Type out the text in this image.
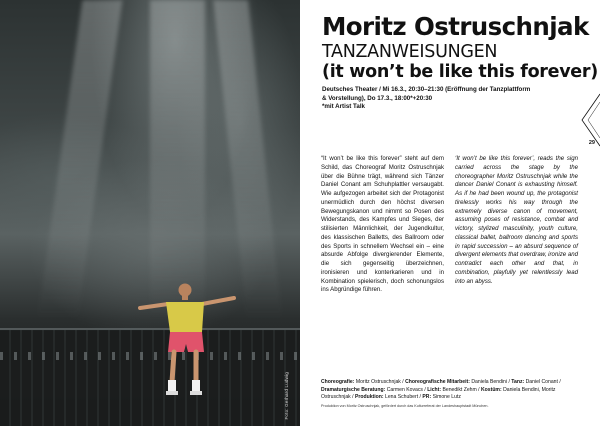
Foto: Gerhard Ludwig
Moritz Ostruschnjak
TANZANWEISUNGEN
(it won’t be like this forever)
Deutsches Theater / Mi 16.3., 20:30–21:30 (Eröffnung der Tanzplattform
& Vorstellung), Do 17.3., 18:00*+20:30
*mit Artist Talk
29
“It won’t be like this forever” steht auf dem Schild, das Choreograf Moritz Ostruschnjak über die Bühne trägt, während sich Tänzer Daniel Conant am Schuhplattler versaugabt. Wie aufgezogen arbeitet sich der Protagonist unermüdlich durch den höchst diversen Bewegungskanon und nimmt so Posen des Widerstands, des Kampfes und Sieges, der stilisierten Männlichkeit, der Jugendkultur, des klassischen Balletts, des Ballroom oder des Sports in schnellem Wechsel ein – eine absurde Abfolge divergierender Elemente, die sich gegenseitig überzeichnen, ironisieren und konterkarieren und in Kombination spielerisch, doch schonungslos ins Abgründige führen.
‘It won’t be like this forever’, reads the sign carried across the stage by the choreographer Moritz Ostruschnjak while the dancer Daniel Conant is exhausting himself. As if he had been wound up, the protagonist tirelessly works his way through the extremely diverse canon of movement, assuming poses of resistance, combat and victory, stylized masculinity, youth culture, classical ballet, ballroom dancing and sports in rapid succession – an absurd sequence of divergent elements that overdraw, ironize and contradict each other and that, in combination, playfully yet relentlessly lead into an abyss.
Choreografie: Moritz Ostruschnjak / Choreografische Mitarbeit: Daniela Bendini / Tanz: Daniel Conant / Dramaturgische Beratung: Carmen Kovacs / Licht: Benedikt Zehm / Kostüm: Daniela Bendini, Moritz Ostruschnjak / Produktion: Lena Schubert / PR: Simone Lutz
Produktion von Moritz Ostruschnjak, gefördert durch das Kulturreferat der Landeshauptstadt München.
